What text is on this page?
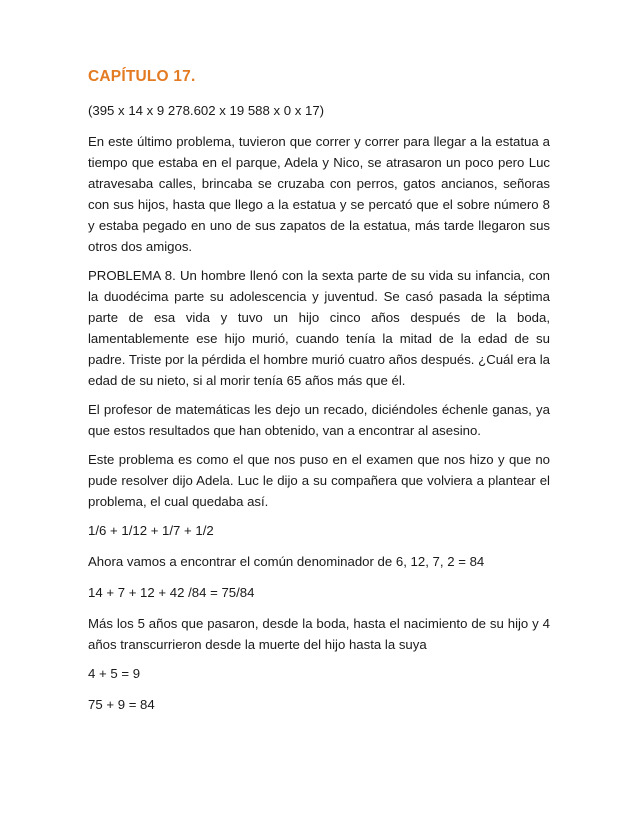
CAPÍTULO 17.

(395 x 14 x 9 278.602 x 19 588 x 0 x 17)

En este último problema, tuvieron que correr y correr para llegar a la estatua a tiempo que estaba en el parque, Adela y Nico, se atrasaron un poco pero Luc atravesaba calles, brincaba se cruzaba con perros, gatos ancianos, señoras con sus hijos, hasta que llego a la estatua y se percató que el sobre número 8 y estaba pegado en uno de sus zapatos de la estatua, más tarde llegaron sus otros dos amigos.

PROBLEMA 8. Un hombre llenó con la sexta parte de su vida su infancia, con la duodécima parte su adolescencia y juventud. Se casó pasada la séptima parte de esa vida y tuvo un hijo cinco años después de la boda, lamentablemente ese hijo murió, cuando tenía la mitad de la edad de su padre. Triste por la pérdida el hombre murió cuatro años después. ¿Cuál era la edad de su nieto, si al morir tenía 65 años más que él.

El profesor de matemáticas les dejo un recado, diciéndoles échenle ganas, ya que estos resultados que han obtenido, van a encontrar al asesino.

Este problema es como el que nos puso en el examen que nos hizo y que no pude resolver dijo Adela. Luc le dijo a su compañera que volviera a plantear el problema, el cual quedaba así.

1/6 + 1/12 + 1/7 + 1/2

Ahora vamos a encontrar el común denominador de 6, 12, 7, 2 = 84

14 + 7 + 12 + 42 /84 = 75/84

Más los 5 años que pasaron, desde la boda, hasta el nacimiento de su hijo y 4 años transcurrieron desde la muerte del hijo hasta la suya

4 + 5 = 9

75 + 9 = 84
